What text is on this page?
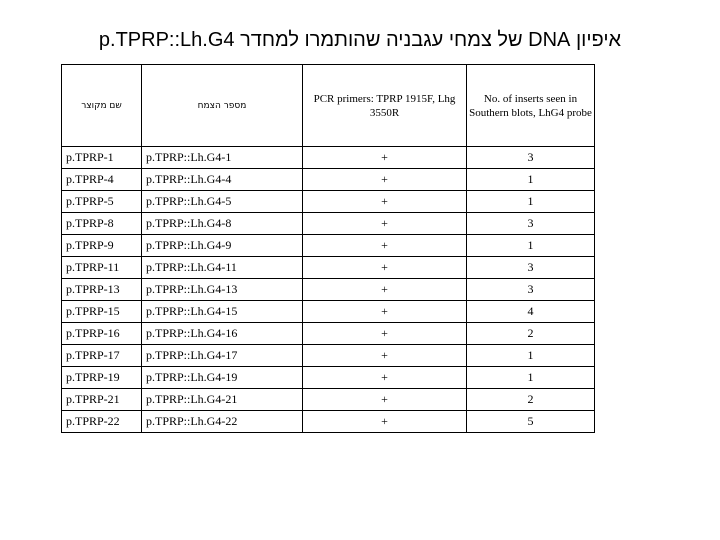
איפיון DNA של צמחי עגבניה שהותמרו למחדר p.TPRP::Lh.G4
שם מקוצר	מספר הצמח	PCR primers: TPRP 1915F, Lhg 3550R	No. of inserts seen in Southern blots, LhG4 probe
p.TPRP-1	p.TPRP::Lh.G4-1	+	3
p.TPRP-4	p.TPRP::Lh.G4-4	+	1
p.TPRP-5	p.TPRP::Lh.G4-5	+	1
p.TPRP-8	p.TPRP::Lh.G4-8	+	3
p.TPRP-9	p.TPRP::Lh.G4-9	+	1
p.TPRP-11	p.TPRP::Lh.G4-11	+	3
p.TPRP-13	p.TPRP::Lh.G4-13	+	3
p.TPRP-15	p.TPRP::Lh.G4-15	+	4
p.TPRP-16	p.TPRP::Lh.G4-16	+	2
p.TPRP-17	p.TPRP::Lh.G4-17	+	1
p.TPRP-19	p.TPRP::Lh.G4-19	+	1
p.TPRP-21	p.TPRP::Lh.G4-21	+	2
p.TPRP-22	p.TPRP::Lh.G4-22	+	5
